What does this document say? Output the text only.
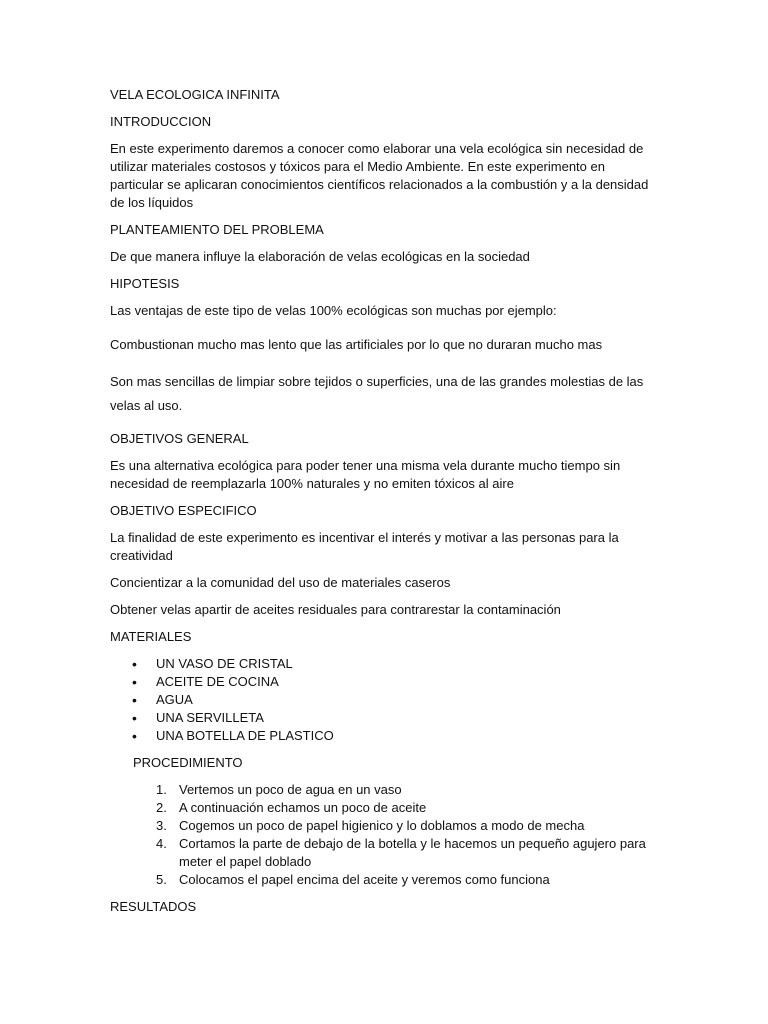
VELA ECOLOGICA INFINITA

INTRODUCCION

En este experimento daremos a conocer como elaborar una vela ecológica sin necesidad de utilizar materiales costosos y tóxicos para el Medio Ambiente. En este experimento en particular se aplicaran conocimientos científicos relacionados a la combustión y a la densidad de los líquidos

PLANTEAMIENTO DEL PROBLEMA

De que manera influye la elaboración de velas ecológicas en la sociedad

HIPOTESIS

Las ventajas de este tipo de velas 100% ecológicas son muchas por ejemplo:

Combustionan mucho mas lento que las artificiales por lo que no duraran mucho mas

Son mas sencillas de limpiar sobre tejidos o superficies, una de las grandes molestias de las velas al uso.

OBJETIVOS GENERAL

Es una alternativa ecológica para poder tener una misma vela durante mucho tiempo sin necesidad de reemplazarla 100% naturales y no emiten tóxicos al aire

OBJETIVO ESPECIFICO

La finalidad de este experimento es incentivar el interés y motivar a las personas para la creatividad

Concientizar a la comunidad del uso de materiales caseros

Obtener velas apartir de aceites residuales para contrarestar la contaminación

MATERIALES

• UN VASO DE CRISTAL
• ACEITE DE COCINA
• AGUA
• UNA SERVILLETA
• UNA BOTELLA DE PLASTICO

PROCEDIMIENTO

1. Vertemos un poco de agua en un vaso
2. A continuación echamos un poco de aceite
3. Cogemos un poco de papel higienico y lo doblamos a modo de mecha
4. Cortamos la parte de debajo de la botella y le hacemos un pequeño agujero para meter el papel doblado
5. Colocamos el papel encima del aceite y veremos como funciona

RESULTADOS
